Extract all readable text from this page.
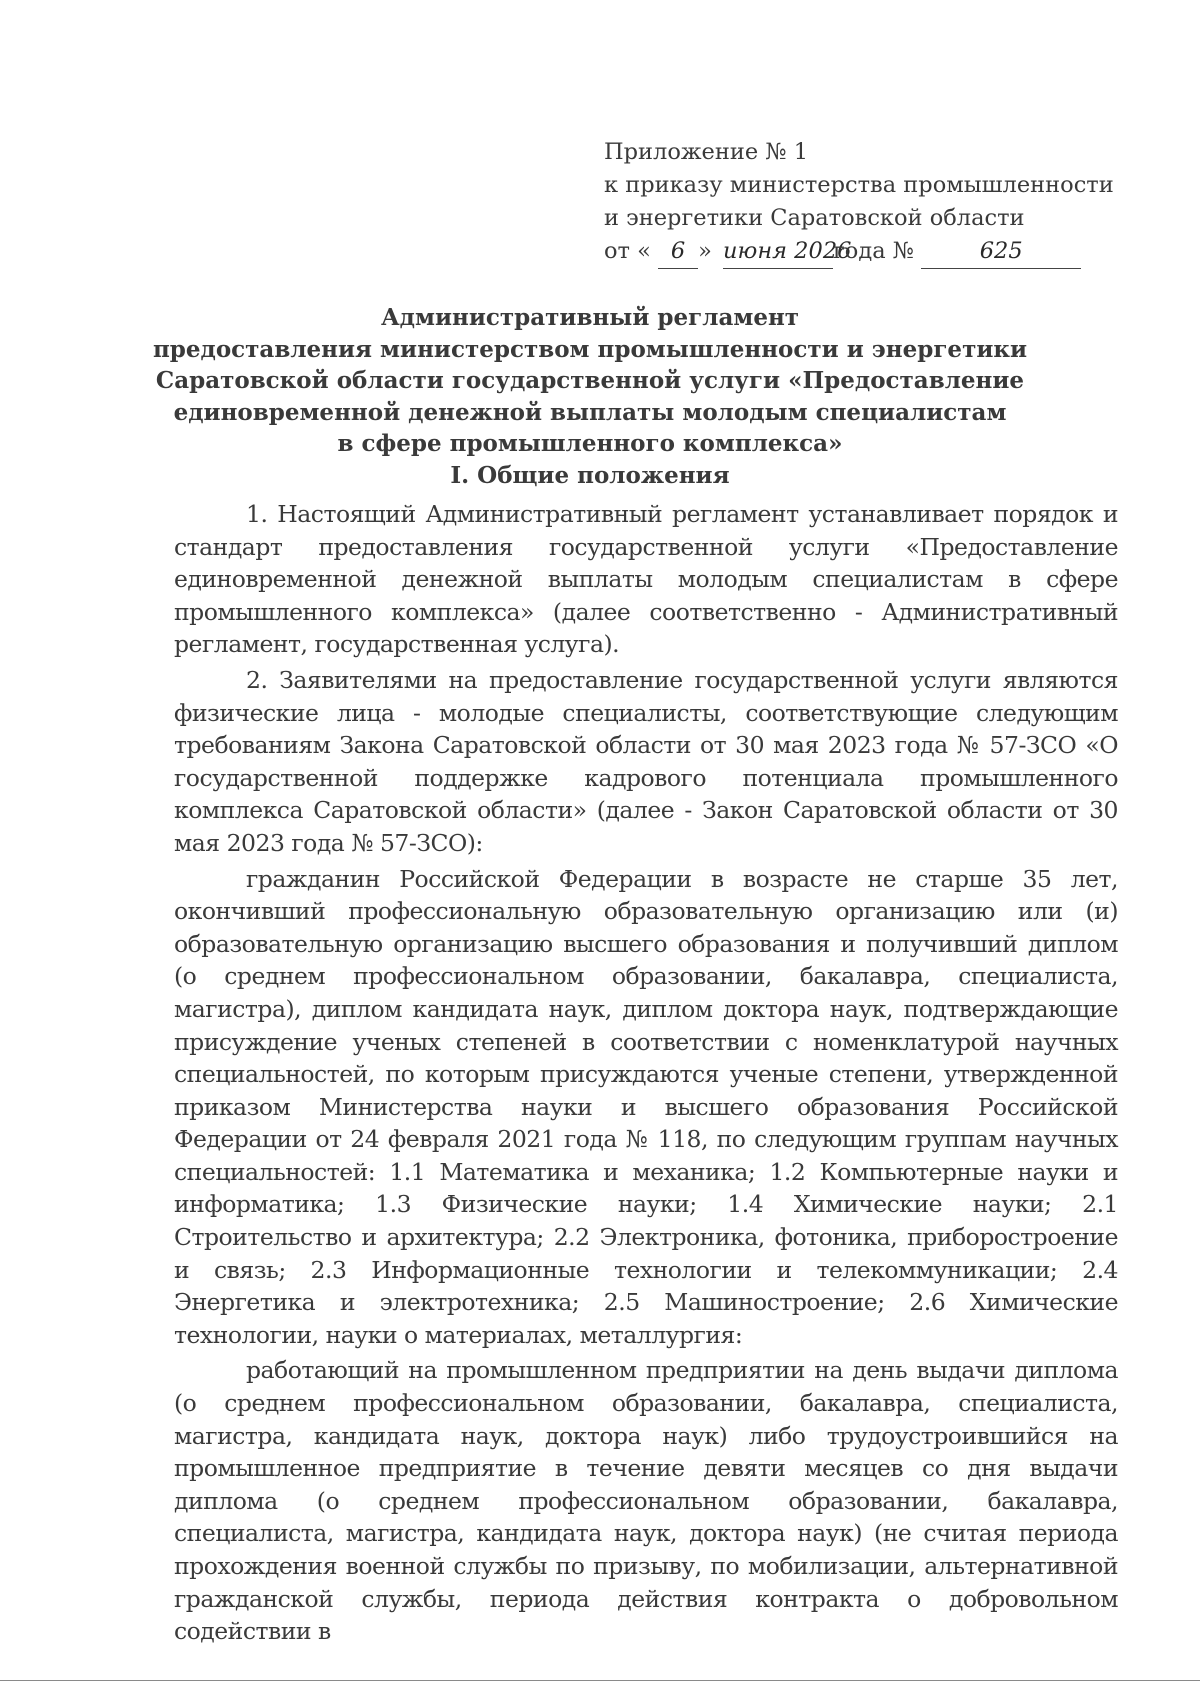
Приложение № 1
к приказу министерства промышленности
и энергетики Саратовской области
от « 6 » июня 2026года №	625
Административный регламент
предоставления министерством промышленности и энергетики
Саратовской области государственной услуги «Предоставление
единовременной денежной выплаты молодым специалистам
в сфере промышленного комплекса»
I. Общие положения

1. Настоящий Административный регламент устанавливает порядок и стандарт предоставления государственной услуги «Предоставление единовременной денежной выплаты молодым специалистам в сфере промышленного комплекса» (далее соответственно - Административный регламент, государственная услуга).

2. Заявителями на предоставление государственной услуги являются физические лица - молодые специалисты, соответствующие следующим требованиям Закона Саратовской области от 30 мая 2023 года № 57-ЗСО «О государственной поддержке кадрового потенциала промышленного комплекса Саратовской области» (далее - Закон Саратовской области от 30 мая 2023 года № 57-ЗСО):

гражданин Российской Федерации в возрасте не старше 35 лет, окончивший профессиональную образовательную организацию или (и) образовательную организацию высшего образования и получивший диплом (о среднем профессиональном образовании, бакалавра, специалиста, магистра), диплом кандидата наук, диплом доктора наук, подтверждающие присуждение ученых степеней в соответствии с номенклатурой научных специальностей, по которым присуждаются ученые степени, утвержденной приказом Министерства науки и высшего образования Российской Федерации от 24 февраля 2021 года № 118, по следующим группам научных специальностей: 1.1 Математика и механика; 1.2 Компьютерные науки и информатика; 1.3 Физические науки; 1.4 Химические науки; 2.1 Строительство и архитектура; 2.2 Электроника, фотоника, приборостроение и связь; 2.3 Информационные технологии и телекоммуникации; 2.4 Энергетика и электротехника; 2.5 Машиностроение; 2.6 Химические технологии, науки о материалах, металлургия:

работающий на промышленном предприятии на день выдачи диплома (о среднем профессиональном образовании, бакалавра, специалиста, магистра, кандидата наук, доктора наук) либо трудоустроившийся на промышленное предприятие в течение девяти месяцев со дня выдачи диплома (о среднем профессиональном образовании, бакалавра, специалиста, магистра, кандидата наук, доктора наук) (не считая периода прохождения военной службы по призыву, по мобилизации, альтернативной гражданской службы, периода действия контракта о добровольном содействии в
